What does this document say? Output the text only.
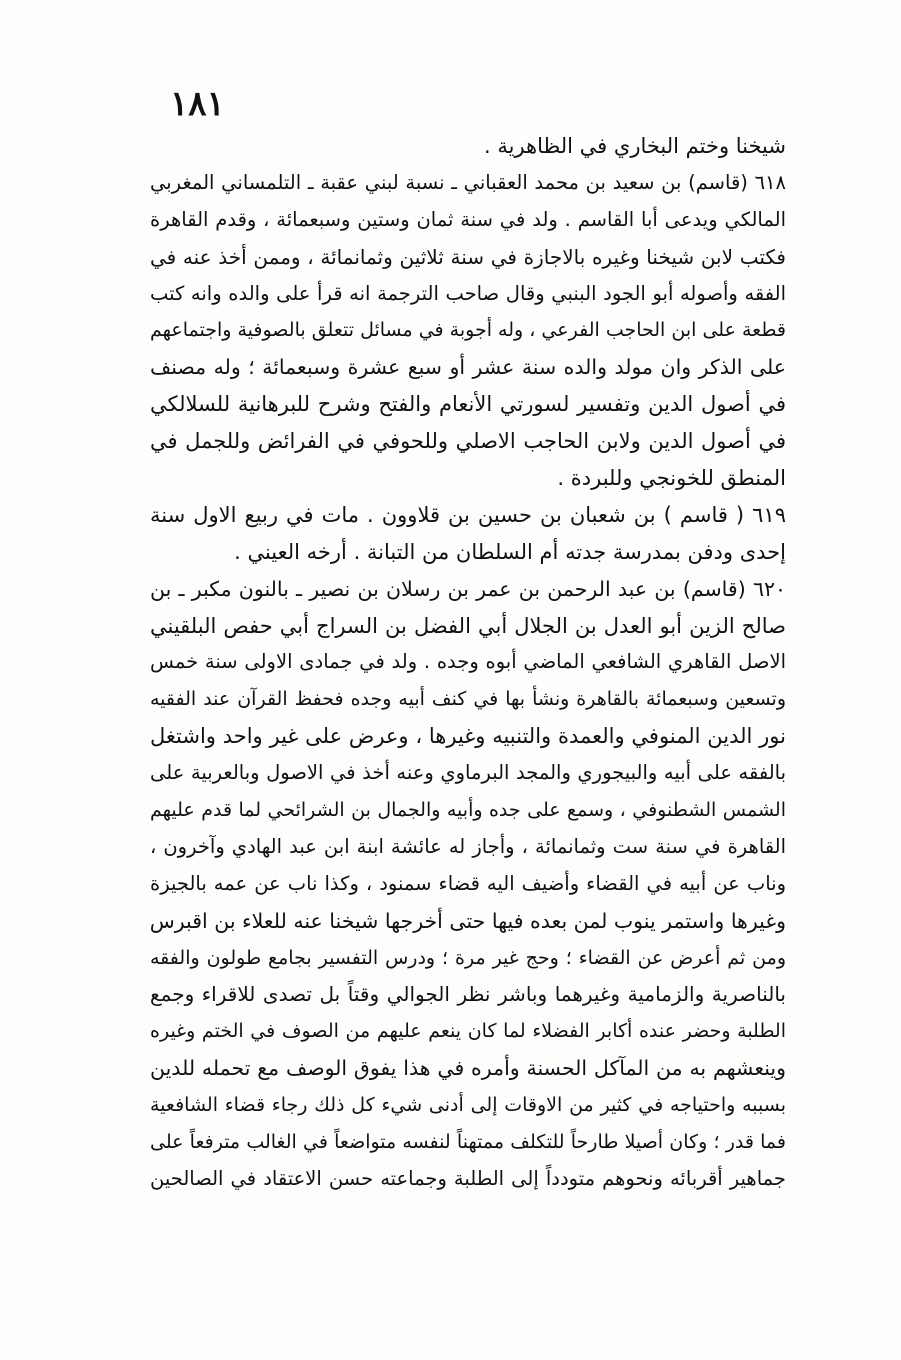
١٨١
شيخنا وختم البخاري في الظاهرية .
٦١٨ (قاسم) بن سعيد بن محمد العقباني ـ نسبة لبني عقبة ـ التلمساني المغربي
المالكي ويدعى أبا القاسم . ولد في سنة ثمان وستين وسبعمائة ، وقدم القاهرة
فكتب لابن شيخنا وغيره بالاجازة في سنة ثلاثين وثمانمائة ، وممن أخذ عنه في
الفقه وأصوله أبو الجود البنبي وقال صاحب الترجمة انه قرأ على والده وانه كتب
قطعة على ابن الحاجب الفرعي ، وله أجوبة في مسائل تتعلق بالصوفية واجتماعهم
على الذكر وان مولد والده سنة عشر أو سبع عشرة وسبعمائة ؛ وله مصنف
في أصول الدين وتفسير لسورتي الأنعام والفتح وشرح للبرهانية للسلالكي
في أصول الدين ولابن الحاجب الاصلي وللحوفي في الفرائض وللجمل في
المنطق للخونجي وللبردة .
٦١٩ ( قاسم ) بن شعبان بن حسين بن قلاوون . مات في ربيع الاول سنة
إحدى ودفن بمدرسة جدته أم السلطان من التبانة . أرخه العيني .
٦٢٠ (قاسم) بن عبد الرحمن بن عمر بن رسلان بن نصير ـ بالنون مكبر ـ بن
صالح الزين أبو العدل بن الجلال أبي الفضل بن السراج أبي حفص البلقيني
الاصل القاهري الشافعي الماضي أبوه وجده . ولد في جمادى الاولى سنة خمس
وتسعين وسبعمائة بالقاهرة ونشأ بها في كنف أبيه وجده فحفظ القرآن عند الفقيه
نور الدين المنوفي والعمدة والتنبيه وغيرها ، وعرض على غير واحد واشتغل
بالفقه على أبيه والبيجوري والمجد البرماوي وعنه أخذ في الاصول وبالعربية على
الشمس الشطنوفي ، وسمع على جده وأبيه والجمال بن الشرائحي لما قدم عليهم
القاهرة في سنة ست وثمانمائة ، وأجاز له عائشة ابنة ابن عبد الهادي وآخرون ،
وناب عن أبيه في القضاء وأضيف اليه قضاء سمنود ، وكذا ناب عن عمه بالجيزة
وغيرها واستمر ينوب لمن بعده فيها حتى أخرجها شيخنا عنه للعلاء بن اقبرس
ومن ثم أعرض عن القضاء ؛ وحج غير مرة ؛ ودرس التفسير بجامع طولون والفقه
بالناصرية والزمامية وغيرهما وباشر نظر الجوالي وقتاً بل تصدى للاقراء وجمع
الطلبة وحضر عنده أكابر الفضلاء لما كان ينعم عليهم من الصوف في الختم وغيره
وينعشهم به من المآكل الحسنة وأمره في هذا يفوق الوصف مع تحمله للدين
بسببه واحتياجه في كثير من الاوقات إلى أدنى شيء كل ذلك رجاء قضاء الشافعية
فما قدر ؛ وكان أصيلا طارحاً للتكلف ممتهناً لنفسه متواضعاً في الغالب مترفعاً على
جماهير أقربائه ونحوهم متودداً إلى الطلبة وجماعته حسن الاعتقاد في الصالحين
